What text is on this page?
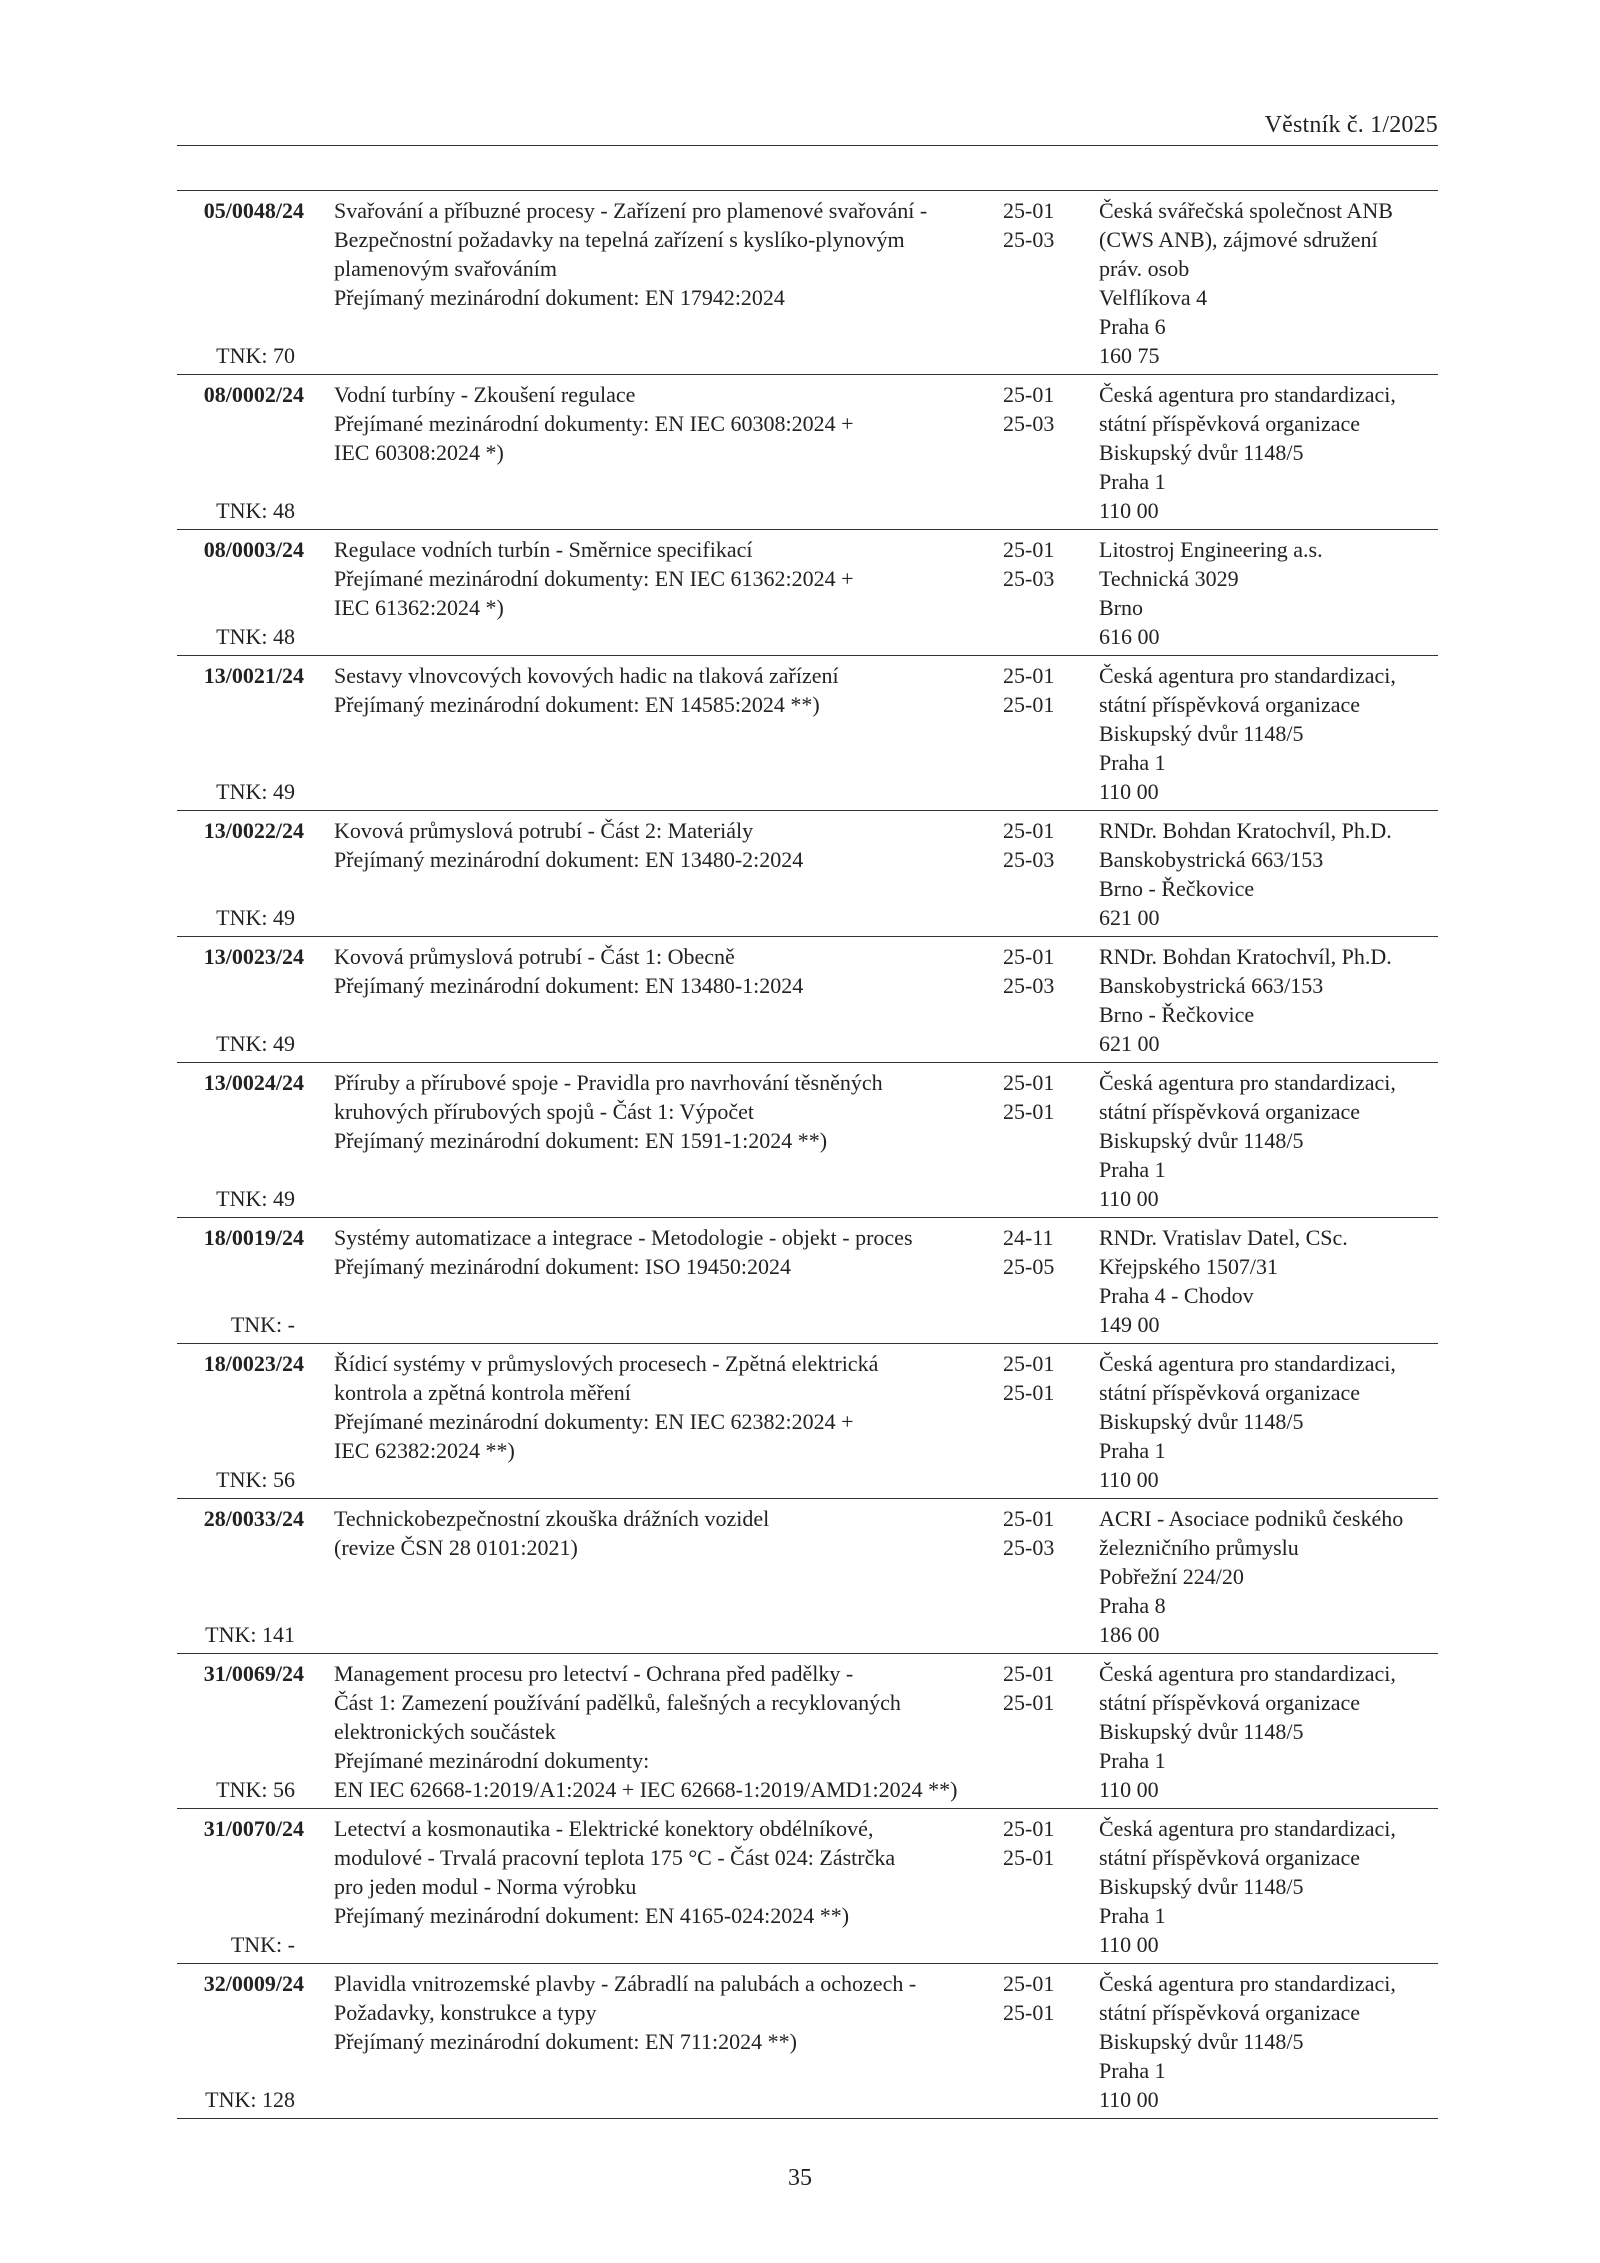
Věstník č. 1/2025
05/0048/24
TNK: 70
Svařování a příbuzné procesy - Zařízení pro plamenové svařování -
Bezpečnostní požadavky na tepelná zařízení s kyslíko-plynovým
plamenovým svařováním
Přejímaný mezinárodní dokument: EN 17942:2024
25-01
25-03
Česká svářečská společnost ANB
(CWS ANB), zájmové sdružení
práv. osob
Velflíkova 4
Praha 6
160 75
08/0002/24
TNK: 48
Vodní turbíny - Zkoušení regulace
Přejímané mezinárodní dokumenty: EN IEC 60308:2024 +
IEC 60308:2024 *)
25-01
25-03
Česká agentura pro standardizaci,
státní příspěvková organizace
Biskupský dvůr 1148/5
Praha 1
110 00
08/0003/24
TNK: 48
Regulace vodních turbín - Směrnice specifikací
Přejímané mezinárodní dokumenty: EN IEC 61362:2024 +
IEC 61362:2024 *)
25-01
25-03
Litostroj Engineering a.s.
Technická 3029
Brno
616 00
13/0021/24
TNK: 49
Sestavy vlnovcových kovových hadic na tlaková zařízení
Přejímaný mezinárodní dokument: EN 14585:2024 **)
25-01
25-01
Česká agentura pro standardizaci,
státní příspěvková organizace
Biskupský dvůr 1148/5
Praha 1
110 00
13/0022/24
TNK: 49
Kovová průmyslová potrubí - Část 2: Materiály
Přejímaný mezinárodní dokument: EN 13480-2:2024
25-01
25-03
RNDr. Bohdan Kratochvíl, Ph.D.
Banskobystrická 663/153
Brno - Řečkovice
621 00
13/0023/24
TNK: 49
Kovová průmyslová potrubí - Část 1: Obecně
Přejímaný mezinárodní dokument: EN 13480-1:2024
25-01
25-03
RNDr. Bohdan Kratochvíl, Ph.D.
Banskobystrická 663/153
Brno - Řečkovice
621 00
13/0024/24
TNK: 49
Příruby a přírubové spoje - Pravidla pro navrhování těsněných
kruhových přírubových spojů - Část 1: Výpočet
Přejímaný mezinárodní dokument: EN 1591-1:2024 **)
25-01
25-01
Česká agentura pro standardizaci,
státní příspěvková organizace
Biskupský dvůr 1148/5
Praha 1
110 00
18/0019/24
TNK: -
Systémy automatizace a integrace - Metodologie - objekt - proces
Přejímaný mezinárodní dokument: ISO 19450:2024
24-11
25-05
RNDr. Vratislav Datel, CSc.
Křejpského 1507/31
Praha 4 - Chodov
149 00
18/0023/24
TNK: 56
Řídicí systémy v průmyslových procesech - Zpětná elektrická
kontrola a zpětná kontrola měření
Přejímané mezinárodní dokumenty: EN IEC 62382:2024 +
IEC 62382:2024 **)
25-01
25-01
Česká agentura pro standardizaci,
státní příspěvková organizace
Biskupský dvůr 1148/5
Praha 1
110 00
28/0033/24
TNK: 141
Technickobezpečnostní zkouška drážních vozidel
(revize ČSN 28 0101:2021)
25-01
25-03
ACRI - Asociace podniků českého
železničního průmyslu
Pobřežní 224/20
Praha 8
186 00
31/0069/24
TNK: 56
Management procesu pro letectví - Ochrana před padělky -
Část 1: Zamezení používání padělků, falešných a recyklovaných
elektronických součástek
Přejímané mezinárodní dokumenty:
EN IEC 62668-1:2019/A1:2024 + IEC 62668-1:2019/AMD1:2024 **)
25-01
25-01
Česká agentura pro standardizaci,
státní příspěvková organizace
Biskupský dvůr 1148/5
Praha 1
110 00
31/0070/24
TNK: -
Letectví a kosmonautika - Elektrické konektory obdélníkové,
modulové - Trvalá pracovní teplota 175 °C - Část 024: Zástrčka
pro jeden modul - Norma výrobku
Přejímaný mezinárodní dokument: EN 4165-024:2024 **)
25-01
25-01
Česká agentura pro standardizaci,
státní příspěvková organizace
Biskupský dvůr 1148/5
Praha 1
110 00
32/0009/24
TNK: 128
Plavidla vnitrozemské plavby - Zábradlí na palubách a ochozech -
Požadavky, konstrukce a typy
Přejímaný mezinárodní dokument: EN 711:2024 **)
25-01
25-01
Česká agentura pro standardizaci,
státní příspěvková organizace
Biskupský dvůr 1148/5
Praha 1
110 00
35
